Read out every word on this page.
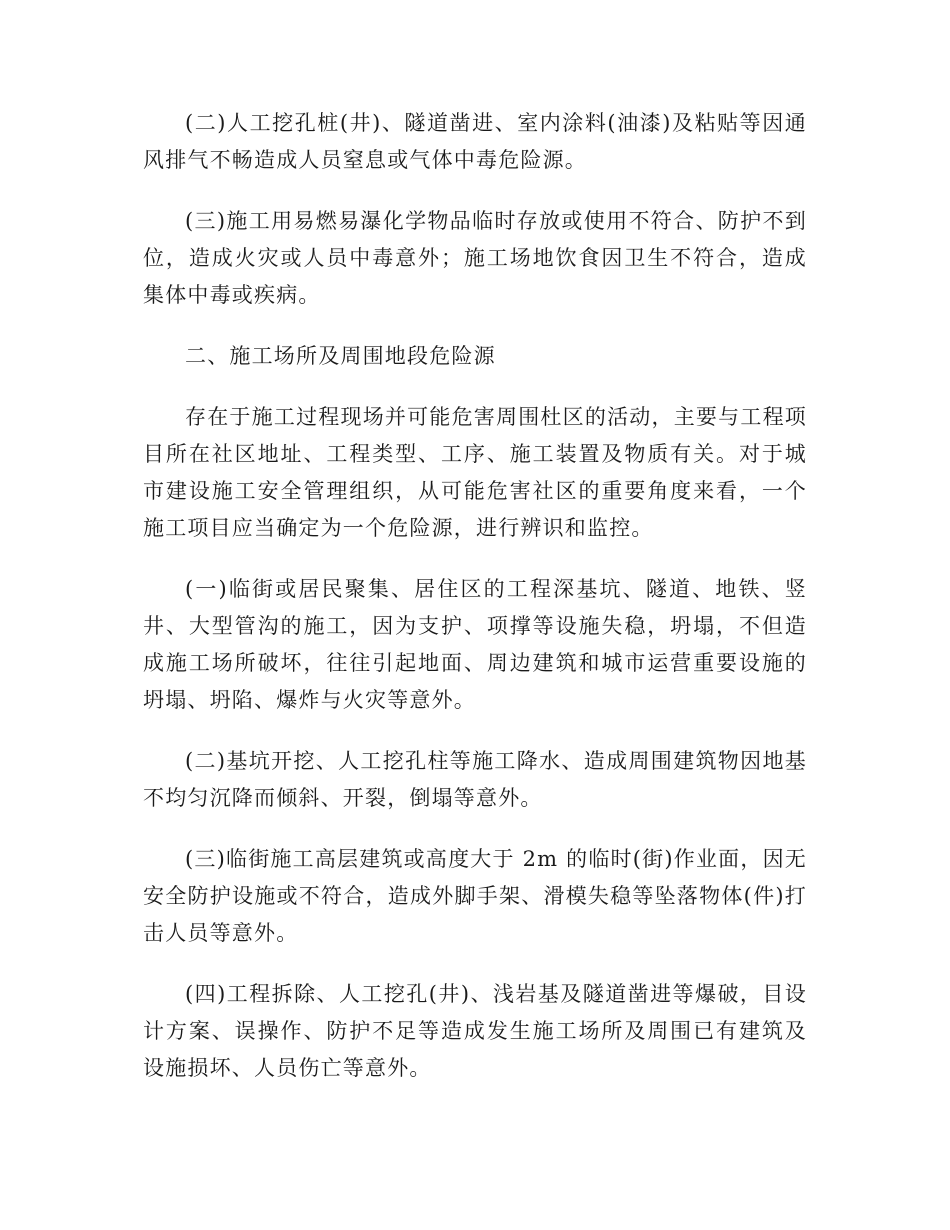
(二)人工挖孔桩(井)、隧道凿进、室内涂料(油漆)及粘贴等因通风排气不畅造成人员窒息或气体中毒危险源。

(三)施工用易燃易瀑化学物品临时存放或使用不符合、防护不到位，造成火灾或人员中毒意外；施工场地饮食因卫生不符合，造成集体中毒或疾病。

二、施工场所及周围地段危险源

存在于施工过程现场并可能危害周围杜区的活动，主要与工程项目所在社区地址、工程类型、工序、施工装置及物质有关。对于城市建设施工安全管理组织，从可能危害社区的重要角度来看，一个施工项目应当确定为一个危险源，进行辨识和监控。

(一)临街或居民聚集、居住区的工程深基坑、隧道、地铁、竖井、大型管沟的施工，因为支护、项撑等设施失稳，坍塌，不但造成施工场所破坏，往往引起地面、周边建筑和城市运营重要设施的坍塌、坍陷、爆炸与火灾等意外。

(二)基坑开挖、人工挖孔柱等施工降水、造成周围建筑物因地基不均匀沉降而倾斜、开裂，倒塌等意外。

(三)临街施工高层建筑或高度大于 2m 的临时(街)作业面，因无安全防护设施或不符合，造成外脚手架、滑模失稳等坠落物体(件)打击人员等意外。

(四)工程拆除、人工挖孔(井)、浅岩基及隧道凿进等爆破，目设计方案、误操作、防护不足等造成发生施工场所及周围已有建筑及设施损坏、人员伤亡等意外。
